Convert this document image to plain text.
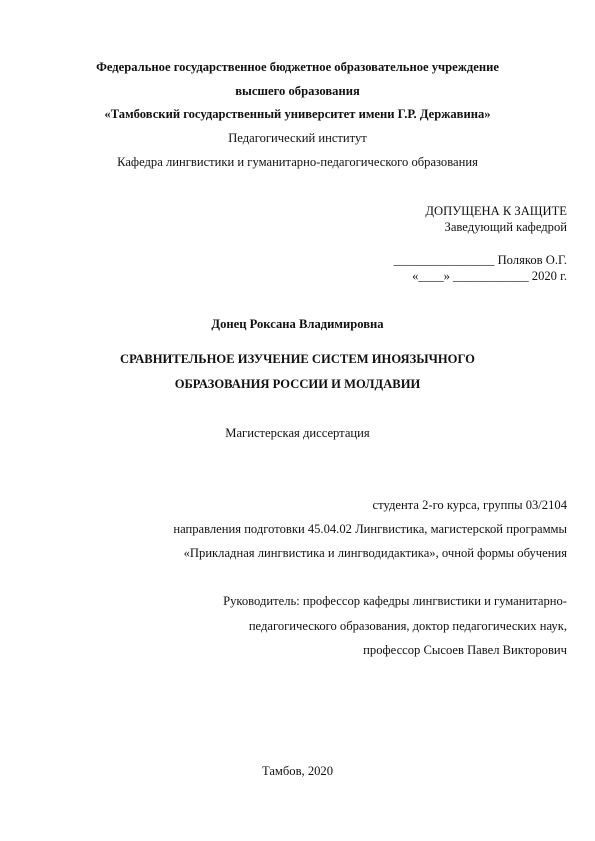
Федеральное государственное бюджетное образовательное учреждение
высшего образования
«Тамбовский государственный университет имени Г.Р. Державина»
Педагогический институт
Кафедра лингвистики и гуманитарно-педагогического образования
ДОПУЩЕНА К ЗАЩИТЕ
Заведующий кафедрой
________________ Поляков О.Г.
«____» ____________ 2020 г.
Донец Роксана Владимировна
СРАВНИТЕЛЬНОЕ ИЗУЧЕНИЕ СИСТЕМ ИНОЯЗЫЧНОГО
ОБРАЗОВАНИЯ РОССИИ И МОЛДАВИИ
Магистерская диссертация
студента 2-го курса, группы 03/2104
направления подготовки 45.04.02 Лингвистика, магистерской программы
«Прикладная лингвистика и лингводидактика», очной формы обучения
Руководитель: профессор кафедры лингвистики и гуманитарно-
педагогического образования, доктор педагогических наук,
профессор Сысоев Павел Викторович
Тамбов, 2020
